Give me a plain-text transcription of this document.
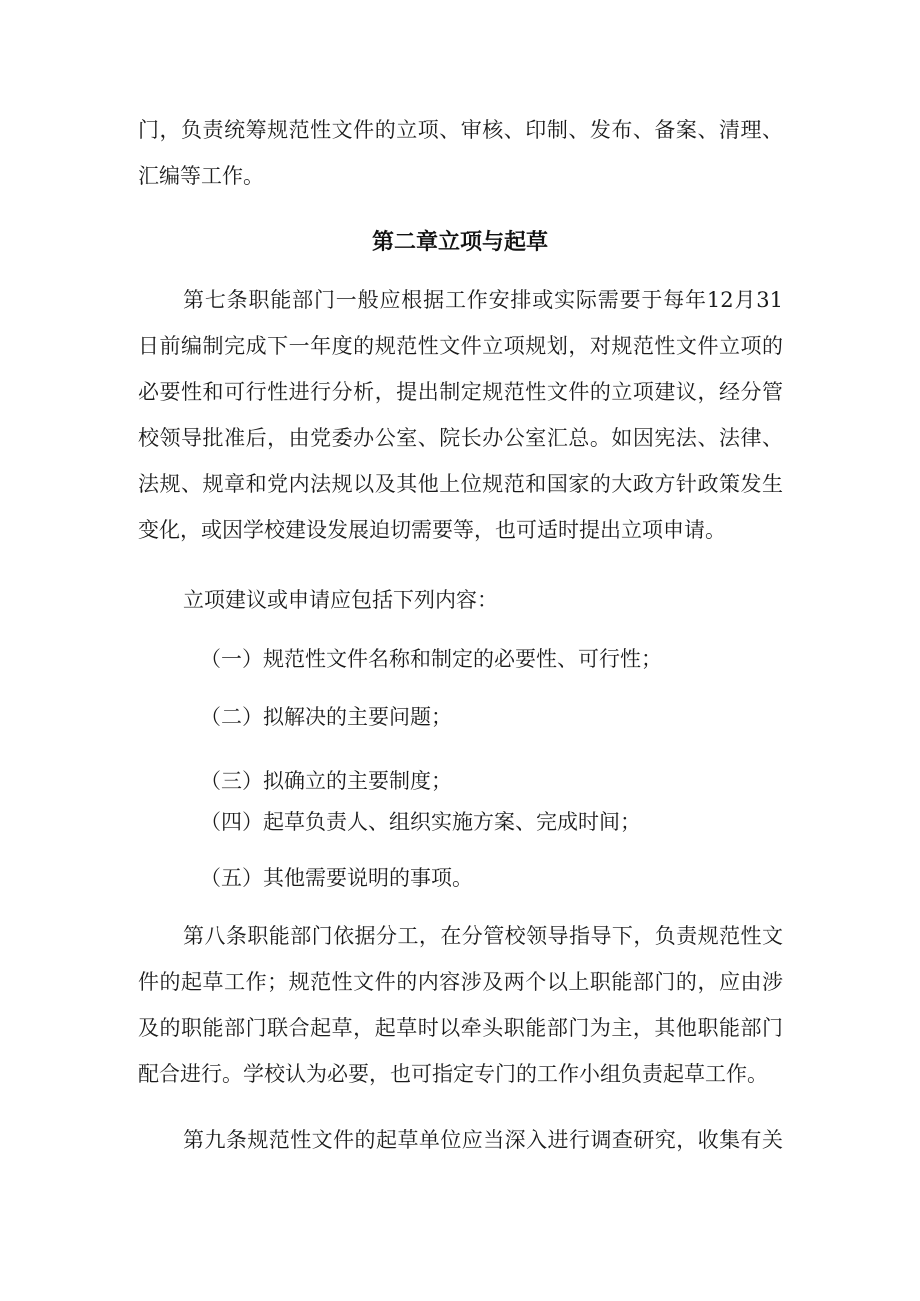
门，负责统筹规范性文件的立项、审核、印制、发布、备案、清理、
汇编等工作。
第二章立项与起草
第七条职能部门一般应根据工作安排或实际需要于每年12月31
日前编制完成下一年度的规范性文件立项规划，对规范性文件立项的
必要性和可行性进行分析，提出制定规范性文件的立项建议，经分管
校领导批准后，由党委办公室、院长办公室汇总。如因宪法、法律、
法规、规章和党内法规以及其他上位规范和国家的大政方针政策发生
变化，或因学校建设发展迫切需要等，也可适时提出立项申请。
立项建议或申请应包括下列内容：
（一）规范性文件名称和制定的必要性、可行性；
（二）拟解决的主要问题；
（三）拟确立的主要制度；
（四）起草负责人、组织实施方案、完成时间；
（五）其他需要说明的事项。
第八条职能部门依据分工，在分管校领导指导下，负责规范性文
件的起草工作；规范性文件的内容涉及两个以上职能部门的，应由涉
及的职能部门联合起草，起草时以牵头职能部门为主，其他职能部门
配合进行。学校认为必要，也可指定专门的工作小组负责起草工作。
第九条规范性文件的起草单位应当深入进行调查研究，收集有关
